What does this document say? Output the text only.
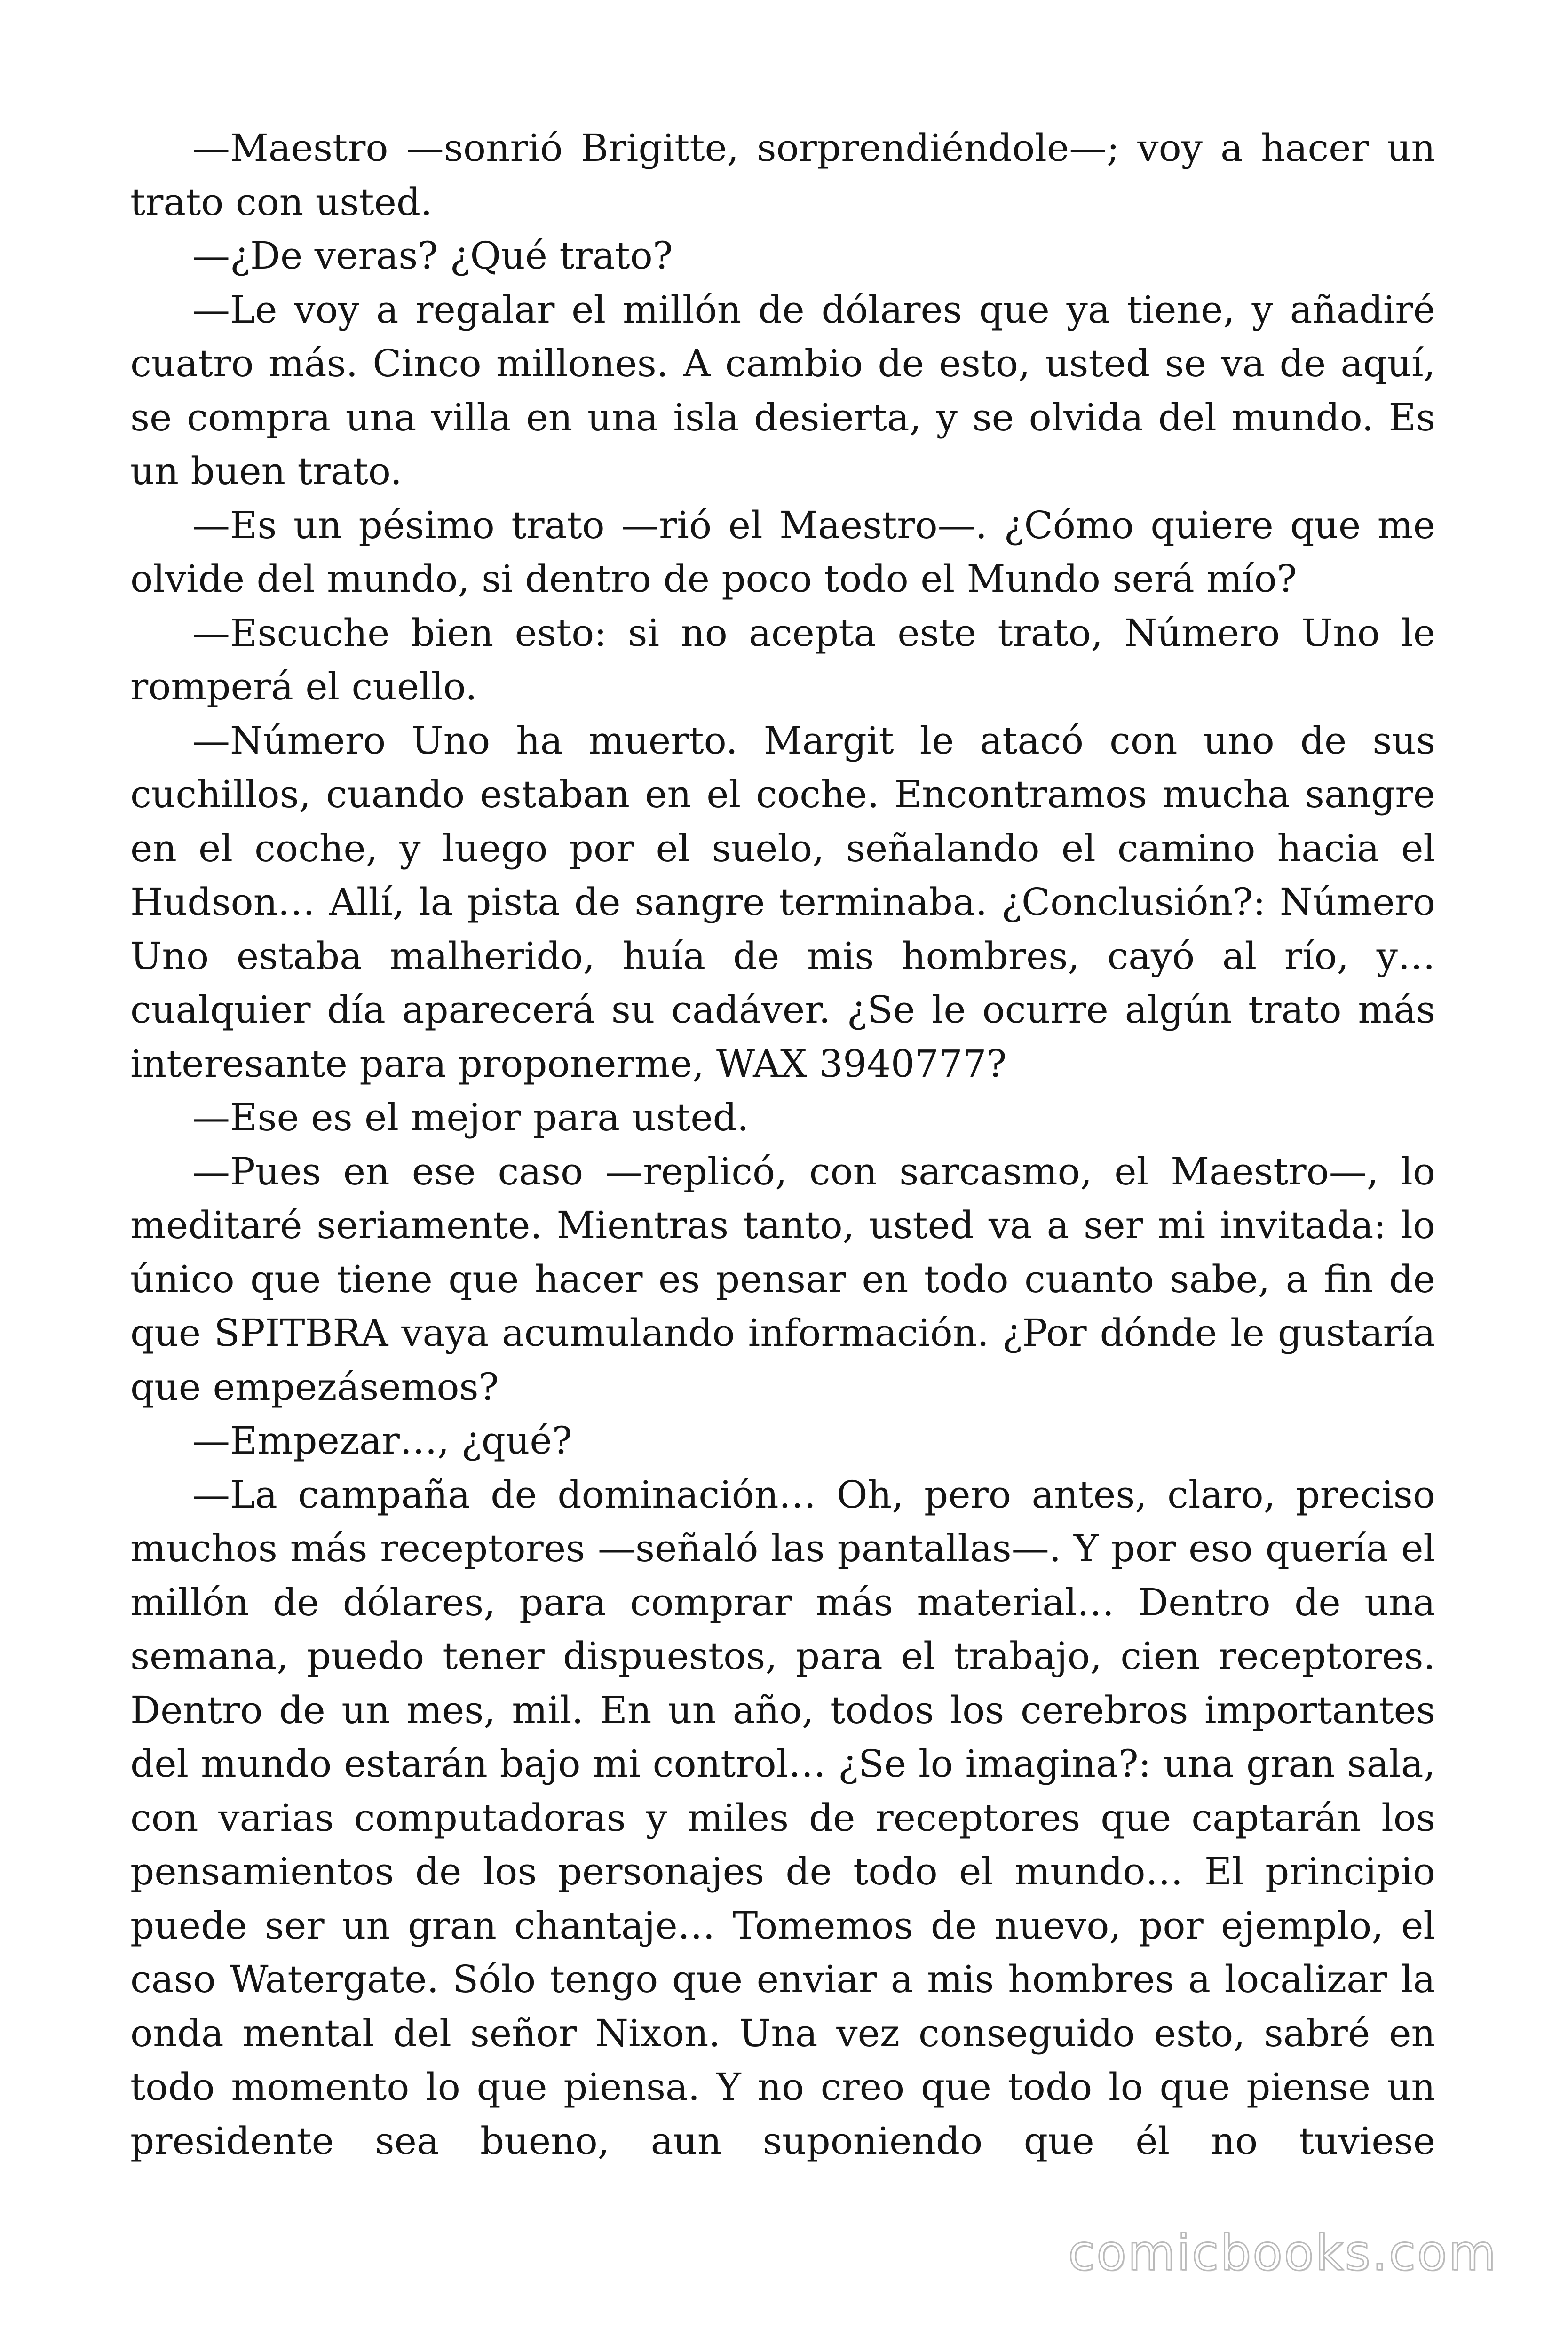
—Maestro —sonrió Brigitte, sorprendiéndole—; voy a hacer un trato con usted.

—¿De veras? ¿Qué trato?

—Le voy a regalar el millón de dólares que ya tiene, y añadiré cuatro más. Cinco millones. A cambio de esto, usted se va de aquí, se compra una villa en una isla desierta, y se olvida del mundo. Es un buen trato.

—Es un pésimo trato —rió el Maestro—. ¿Cómo quiere que me olvide del mundo, si dentro de poco todo el Mundo será mío?

—Escuche bien esto: si no acepta este trato, Número Uno le romperá el cuello.

—Número Uno ha muerto. Margit le atacó con uno de sus cuchillos, cuando estaban en el coche. Encontramos mucha sangre en el coche, y luego por el suelo, señalando el camino hacia el Hudson… Allí, la pista de sangre terminaba. ¿Conclusión?: Número Uno estaba malherido, huía de mis hombres, cayó al río, y… cualquier día aparecerá su cadáver. ¿Se le ocurre algún trato más interesante para proponerme, WAX 3940777?

—Ese es el mejor para usted.

—Pues en ese caso —replicó, con sarcasmo, el Maestro—, lo meditaré seriamente. Mientras tanto, usted va a ser mi invitada: lo único que tiene que hacer es pensar en todo cuanto sabe, a fin de que SPITBRA vaya acumulando información. ¿Por dónde le gustaría que empezásemos?

—Empezar…, ¿qué?

—La campaña de dominación… Oh, pero antes, claro, preciso muchos más receptores —señaló las pantallas—. Y por eso quería el millón de dólares, para comprar más material… Dentro de una semana, puedo tener dispuestos, para el trabajo, cien receptores. Dentro de un mes, mil. En un año, todos los cerebros importantes del mundo estarán bajo mi control… ¿Se lo imagina?: una gran sala, con varias computadoras y miles de receptores que captarán los pensamientos de los personajes de todo el mundo… El principio puede ser un gran chantaje… Tomemos de nuevo, por ejemplo, el caso Watergate. Sólo tengo que enviar a mis hombres a localizar la onda mental del señor Nixon. Una vez conseguido esto, sabré en todo momento lo que piensa. Y no creo que todo lo que piense un presidente sea bueno, aun suponiendo que él no tuviese

comicbooks.com
